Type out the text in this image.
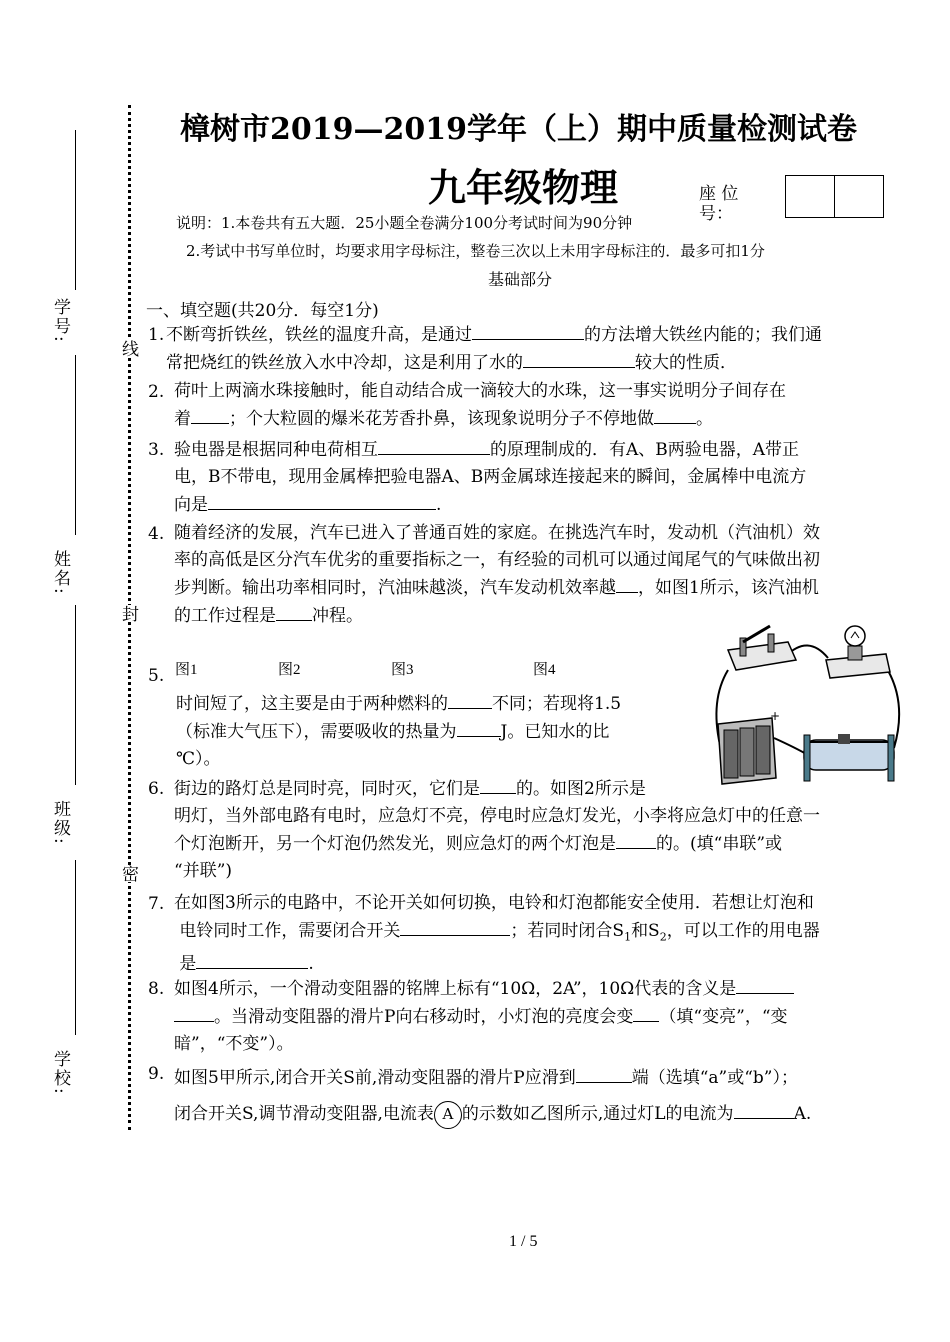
学号:
姓名:
班级:
学校:
线
封
密
樟树市2019—2019学年（上）期中质量检测试卷
九年级物理	座 位 号：
说明：1.本卷共有五大题．25小题全卷满分100分考试时间为90分钟
2.考试中书写单位时，均要求用字母标注，整卷三次以上未用字母标注的．最多可扣1分
基础部分
一、填空题(共20分．每空1分)
1. 不断弯折铁丝，铁丝的温度升高，是通过	的方法增大铁丝内能的；我们通
常把烧红的铁丝放入水中冷却，这是利用了水的	较大的性质．
2. 荷叶上两滴水珠接触时，能自动结合成一滴较大的水珠，这一事实说明分子间存在
着 ；个大粒圆的爆米花芳香扑鼻，该现象说明分子不停地做 。
3. 验电器是根据同种电荷相互	的原理制成的．有A、B两验电器，A带正
电，B不带电，现用金属棒把验电器A、B两金属球连接起来的瞬间，金属棒中电流方
向是	.
4. 随着经济的发展，汽车已进入了普通百姓的家庭。在挑选汽车时，发动机（汽油机）效
率的高低是区分汽车优劣的重要指标之一，有经验的司机可以通过闻尾气的气味做出初
步判断。输出功率相同时，汽油味越淡，汽车发动机效率越 ，如图1所示，该汽油机
的工作过程是 冲程。
图1	图2	图3	图4
5.
时间短了，这主要是由于两种燃料的	不同；若现将1.5
（标准大气压下），需要吸收的热量为	J。已知水的比
℃）。
+
6. 街边的路灯总是同时亮，同时灭，它们是 的。如图2所示是
明灯，当外部电路有电时，应急灯不亮，停电时应急灯发光，小李将应急灯中的任意一
个灯泡断开，另一个灯泡仍然发光，则应急灯的两个灯泡是 的。(填“串联”或
“并联”)
7. 在如图3所示的电路中，不论开关如何切换，电铃和灯泡都能安全使用．若想让灯泡和
电铃同时工作，需要闭合开关	；若同时闭合$S_1$和$S_2$，可以工作的用电器
是	.
8. 如图4所示，一个滑动变阻器的铭牌上标有“10Ω，2A”，10Ω代表的含义是
。当滑动变阻器的滑片P向右移动时，小灯泡的亮度会变 （填“变亮”，“变
暗”，“不变”）。
9. 如图5甲所示,闭合开关S前,滑动变阻器的滑片P应滑到	端（选填“a”或“b”）；
闭合开关S,调节滑动变阻器,电流表 A 的示数如乙图所示,通过灯L的电流为	A.
1 / 5
